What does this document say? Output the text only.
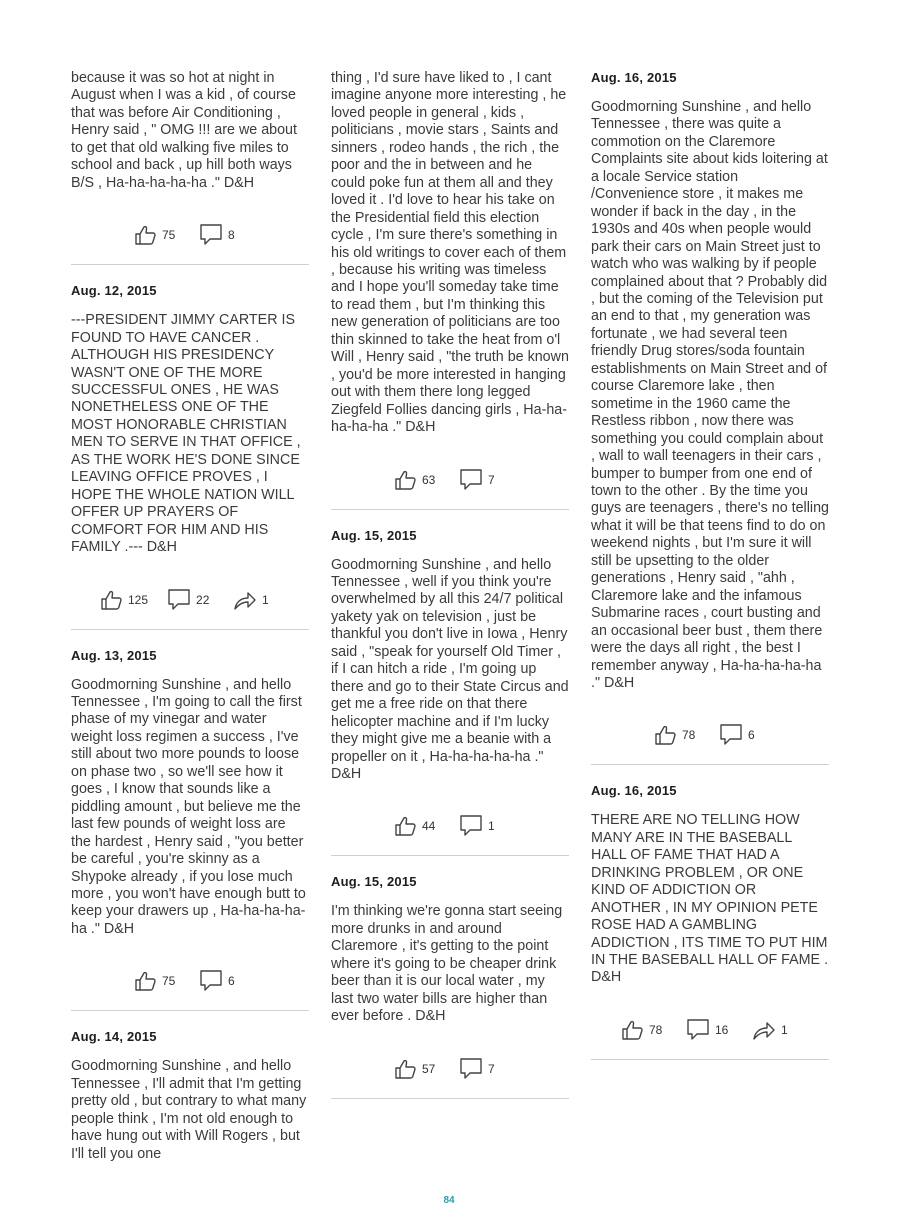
because it was so hot at night in August when I was a kid , of course that was before Air Conditioning , Henry said , " OMG !!! are we about to get that old walking five miles to school and back , up hill both ways B/S , Ha-ha-ha-ha-ha ." D&H

75	8

Aug. 12, 2015

---PRESIDENT JIMMY CARTER IS FOUND TO HAVE CANCER . ALTHOUGH HIS PRESIDENCY WASN'T ONE OF THE MORE SUCCESSFUL ONES , HE WAS NONETHELESS ONE OF THE MOST HONORABLE CHRISTIAN MEN TO SERVE IN THAT OFFICE , AS THE WORK HE'S DONE SINCE LEAVING OFFICE PROVES , I HOPE THE WHOLE NATION WILL OFFER UP PRAYERS OF COMFORT FOR HIM AND HIS FAMILY .--- D&H

125	22	1

Aug. 13, 2015

Goodmorning Sunshine , and hello Tennessee , I'm going to call the first phase of my vinegar and water weight loss regimen a success , I've still about two more pounds to loose on phase two , so we'll see how it goes , I know that sounds like a piddling amount , but believe me the last few pounds of weight loss are the hardest , Henry said , "you better be careful , you're skinny as a Shypoke already , if you lose much more , you won't have enough butt to keep your drawers up , Ha-ha-ha-ha-ha ." D&H

75	6

Aug. 14, 2015

Goodmorning Sunshine , and hello Tennessee , I'll admit that I'm getting pretty old , but contrary to what many people think , I'm not old enough to have hung out with Will Rogers , but I'll tell you one

thing , I'd sure have liked to , I cant imagine anyone more interesting , he loved people in general , kids , politicians , movie stars , Saints and sinners , rodeo hands , the rich , the poor and the in between and he could poke fun at them all and they loved it . I'd love to hear his take on the Presidential field this election cycle , I'm sure there's something in his old writings to cover each of them , because his writing was timeless and I hope you'll someday take time to read them , but I'm thinking this new generation of politicians are too thin skinned to take the heat from o'l Will , Henry said , "the truth be known , you'd be more interested in hanging out with them there long legged Ziegfeld Follies dancing girls , Ha-ha-ha-ha-ha ." D&H

63	7

Aug. 15, 2015

Goodmorning Sunshine , and hello Tennessee , well if you think you're overwhelmed by all this 24/7 political yakety yak on television , just be thankful you don't live in Iowa , Henry said , "speak for yourself Old Timer , if I can hitch a ride , I'm going up there and go to their State Circus and get me a free ride on that there helicopter machine and if I'm lucky they might give me a beanie with a propeller on it , Ha-ha-ha-ha-ha ." D&H

44	1

Aug. 15, 2015

I'm thinking we're gonna start seeing more drunks in and around Claremore , it's getting to the point where it's going to be cheaper drink beer than it is our local water , my last two water bills are higher than ever before . D&H

57	7

Aug. 16, 2015

Goodmorning Sunshine , and hello Tennessee , there was quite a commotion on the Claremore Complaints site about kids loitering at a locale Service station /Convenience store , it makes me wonder if back in the day , in the 1930s and 40s when people would park their cars on Main Street just to watch who was walking by if people complained about that ? Probably did , but the coming of the Television put an end to that , my generation was fortunate , we had several teen friendly Drug stores/soda fountain establishments on Main Street and of course Claremore lake , then sometime in the 1960 came the Restless ribbon , now there was something you could complain about , wall to wall teenagers in their cars , bumper to bumper from one end of town to the other . By the time you guys are teenagers , there's no telling what it will be that teens find to do on weekend nights , but I'm sure it will still be upsetting to the older generations , Henry said , "ahh , Claremore lake and the infamous Submarine races , court busting and an occasional beer bust , them there were the days all right , the best I remember anyway , Ha-ha-ha-ha-ha ." D&H

78	6

Aug. 16, 2015

THERE ARE NO TELLING HOW MANY ARE IN THE BASEBALL HALL OF FAME THAT HAD A DRINKING PROBLEM , OR ONE KIND OF ADDICTION OR ANOTHER , IN MY OPINION PETE ROSE HAD A GAMBLING ADDICTION , ITS TIME TO PUT HIM IN THE BASEBALL HALL OF FAME . D&H

78	16	1
84
